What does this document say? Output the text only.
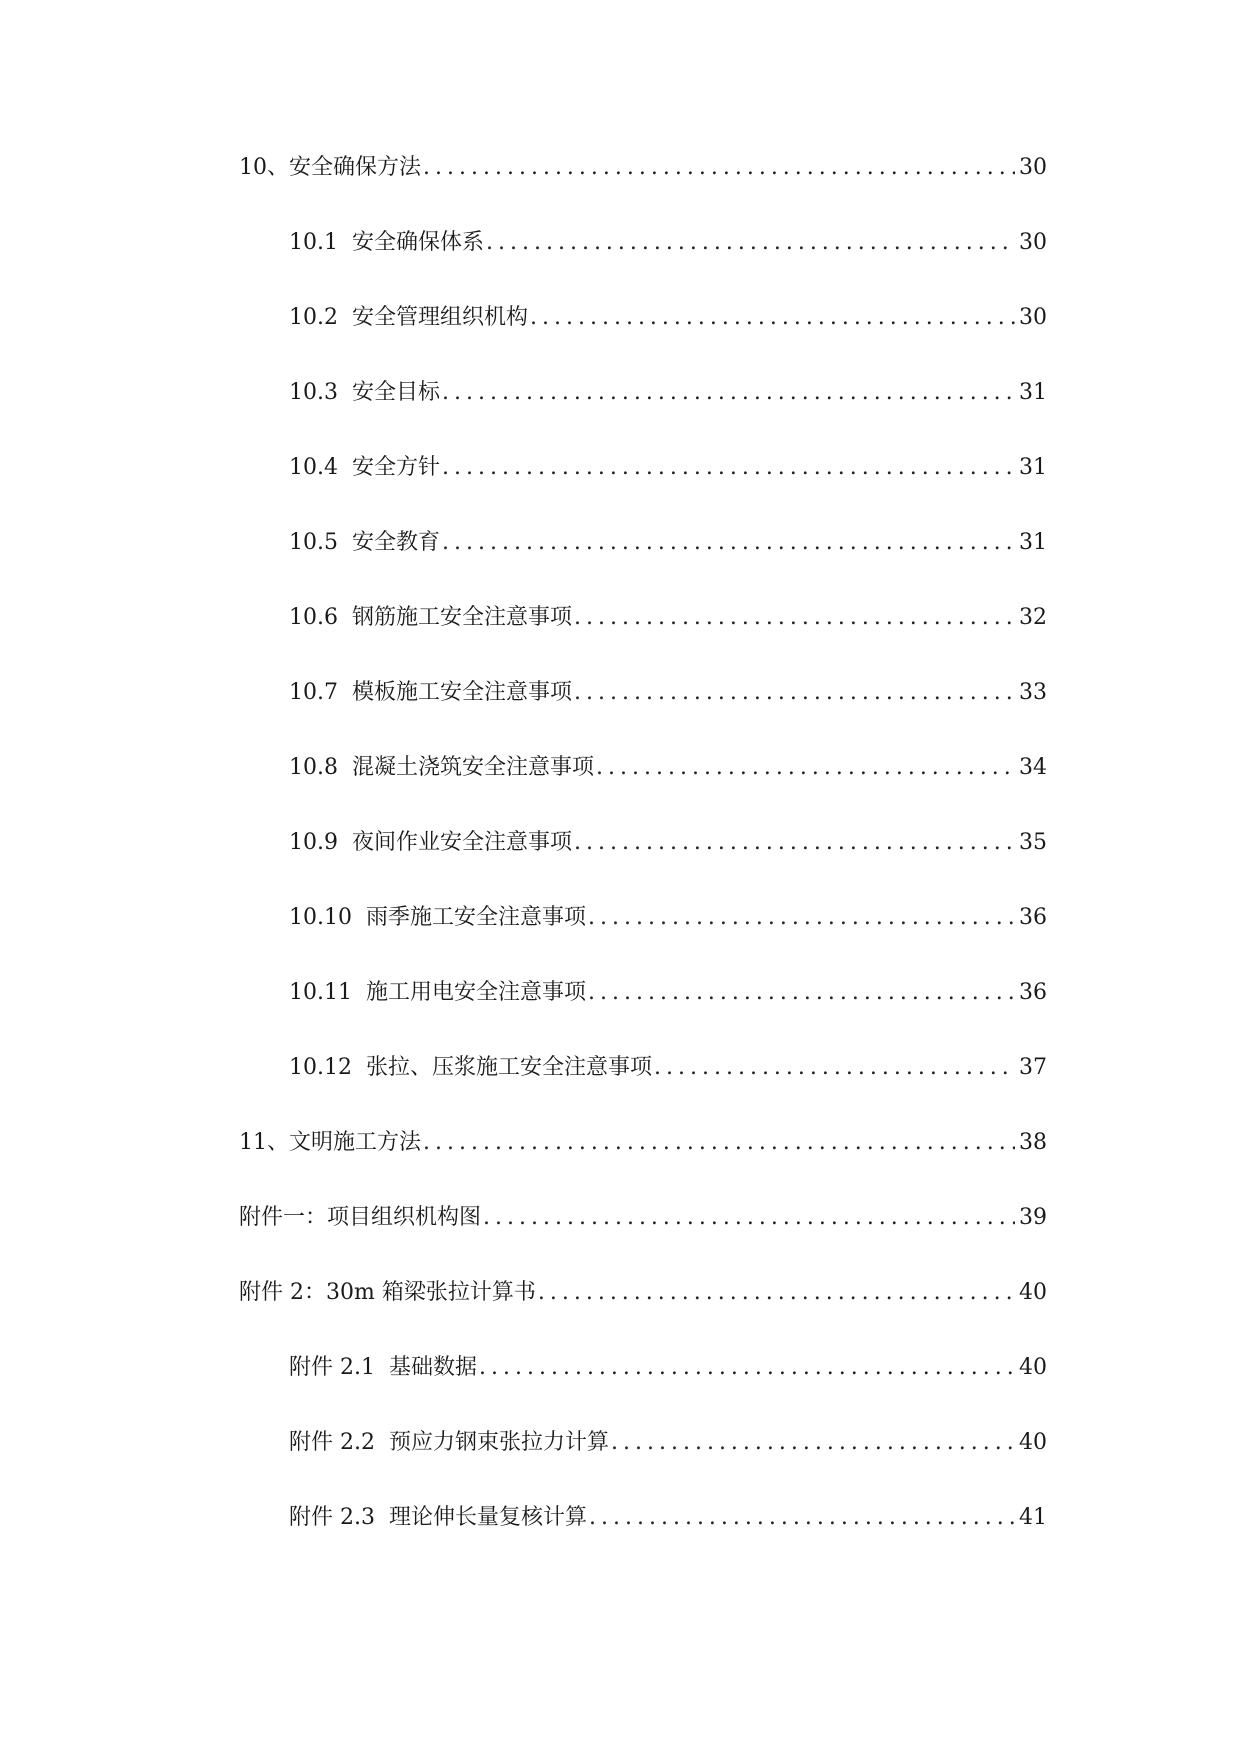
10、 安全确保方法 .....	30
10.1 安全确保体系 .....	30
10.2 安全管理组织机构 .....	30
10.3 安全目标 .....	31
10.4 安全方针 .....	31
10.5 安全教育 .....	31
10.6 钢筋施工安全注意事项 .....	32
10.7 模板施工安全注意事项 .....	33
10.8 混凝土浇筑安全注意事项 .....	34
10.9 夜间作业安全注意事项 .....	35
10.10 雨季施工安全注意事项 .....	36
10.11 施工用电安全注意事项 .....	36
10.12 张拉、压浆施工安全注意事项 .....	37
11、 文明施工方法 .....	38
附件一： 项目组织机构图 .....	39
附件 2： 30m 箱梁张拉计算书 .....	40
附件 2.1 基础数据 .....	40
附件 2.2 预应力钢束张拉力计算 .....	40
附件 2.3 理论伸长量复核计算 .....	41
